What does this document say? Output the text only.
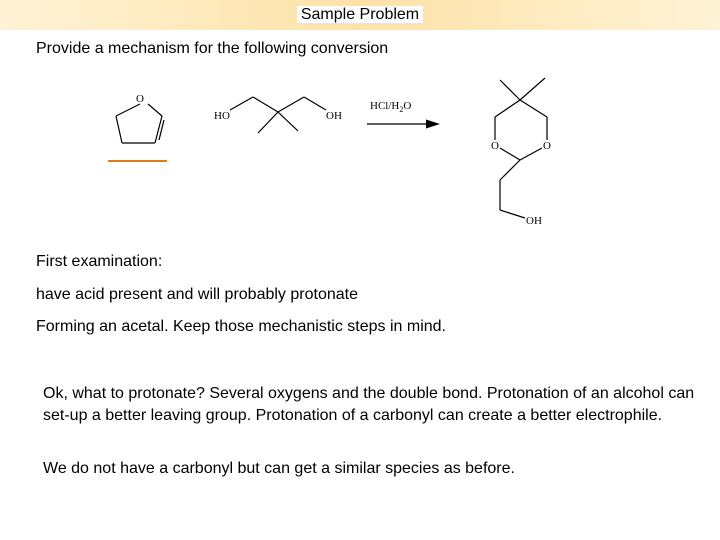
Sample Problem

Provide a mechanism for the following conversion

O
HO	OH
HCl/$H_2O$
O	O
OH

First examination:

have acid present and will probably protonate

Forming an acetal. Keep those mechanistic steps in mind.

Ok, what to protonate? Several oxygens and the double bond. Protonation of an alcohol can set-up a better leaving group. Protonation of a carbonyl can create a better electrophile.

We do not have a carbonyl but can get a similar species as before.
